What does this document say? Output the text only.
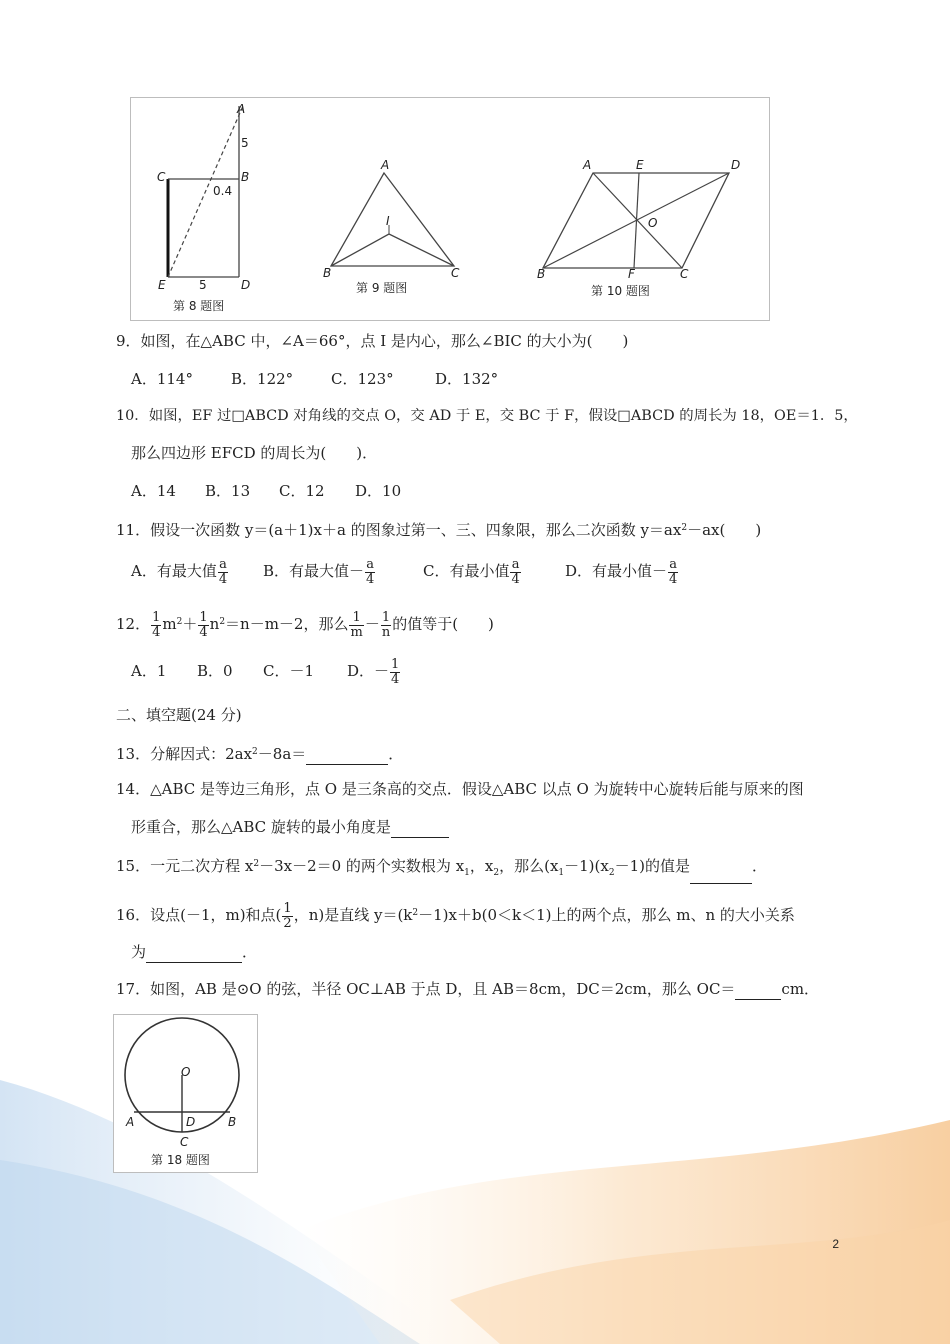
A
5
C	B
0.4
E	5	D
第 8 题图
A
I
B	C
第 9 题图
A	E	D
O
B	F	C
第 10 题图
9．如图，在△ABC 中，∠A＝66°，点 I 是内心，那么∠BIC 的大小为(　　)
A．114°	B．122°	C．123°	D．132°
10．如图，EF 过□ABCD 对角线的交点 O，交 AD 于 E，交 BC 于 F，假设□ABCD 的周长为 18，OE＝1．5，
那么四边形 EFCD 的周长为(　　)．
A．14 B．13 C．12 D．10
11．假设一次函数 y＝(a＋1)x＋a 的图象过第一、三、四象限，那么二次函数 $y=ax^2-ax$(　　)
A．有最大值 $\frac{a}{4}$ B．有最大值－ $\frac{a}{4}$	C．有最小值 $\frac{a}{4}$	D．有最小值－ $\frac{a}{4}$
12． $\frac{1}{4} m^2+ \frac{1}{4} n^2=n-m-2$，那么 $\frac{1}{m} - \frac{1}{n}$ 的值等于(　　)
A．1 B．0 C．－1 D．－ $\frac{1}{4}$
二、填空题(24 分)
13．分解因式：$2ax^2-8a=$	．
14．△ABC 是等边三角形，点 O 是三条高的交点．假设△ABC 以点 O 为旋转中心旋转后能与原来的图
形重合，那么△ABC 旋转的最小角度是
15．一元二次方程 $x^2-3x-2=0$ 的两个实数根为 $x_1$，$x_2$，那么$(x_1-1)(x_2-1)$的值是	．
16．设点(－1，m)和点( $\frac{1}{2}$ ，n)是直线 $y=(k^2-1)x+b(0<k<1)$上的两个点，那么 m、n 的大小关系
为	．
17．如图，AB 是⊙O 的弦，半径 OC⊥AB 于点 D，且 AB＝8cm，DC＝2cm，那么 OC＝	cm．
O
A	D	B
C
第 18 题图
2
